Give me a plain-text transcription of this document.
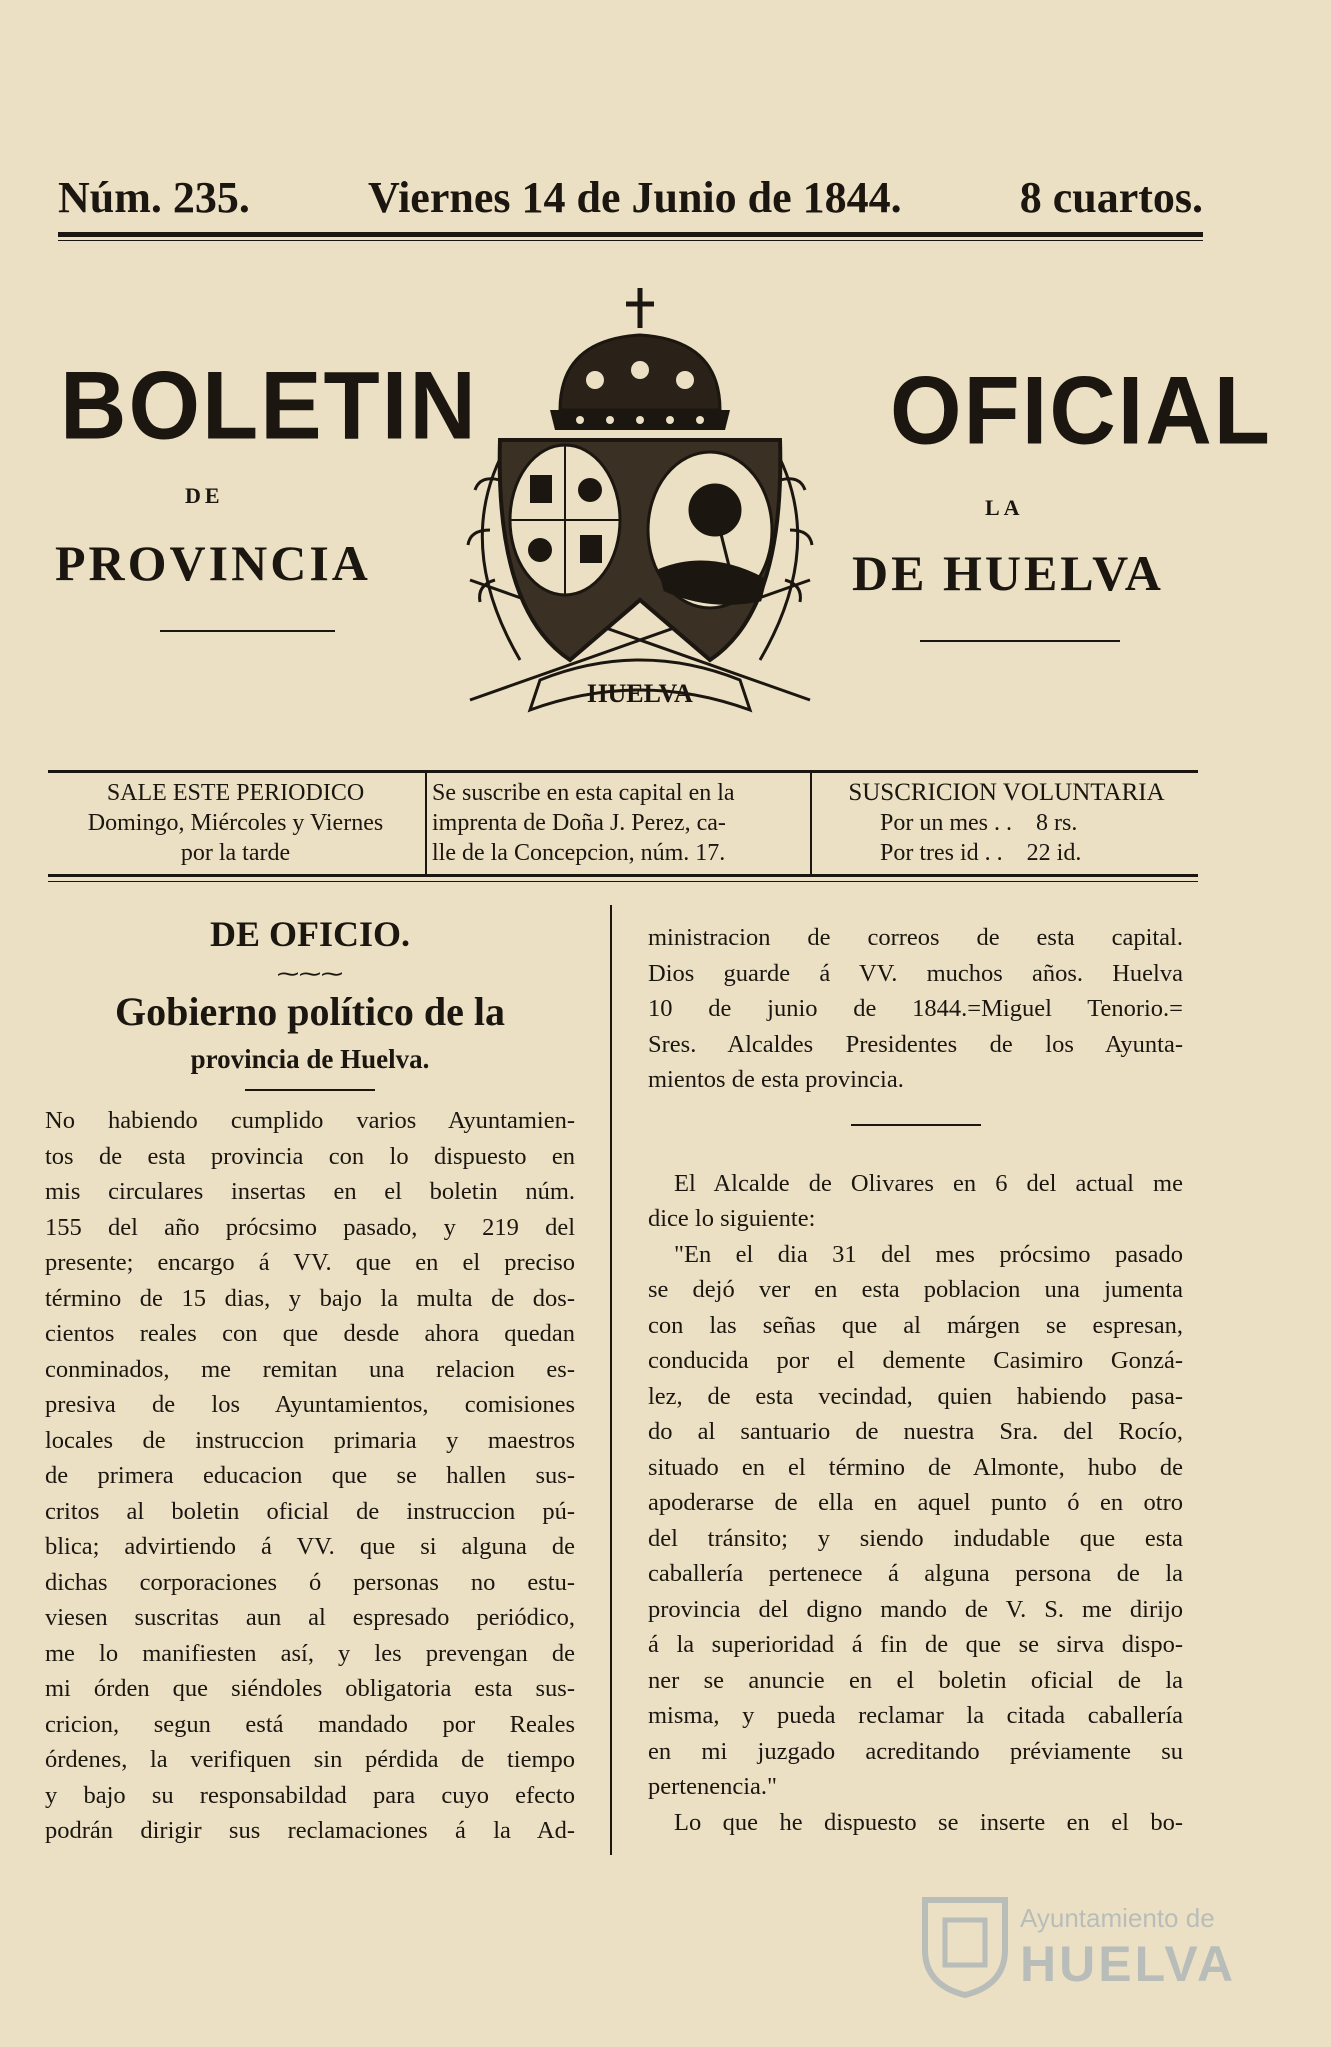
Núm. 235.	Viernes 14 de Junio de 1844.	8 cuartos.
BOLETIN	OFICIAL
DE	LA
PROVINCIA	DE HUELVA
HUELVA
SALE ESTE PERIODICO
Domingo, Miércoles y Viernes
por la tarde
Se suscribe en esta capital en la
imprenta de Doña J. Perez, ca-
lle de la Concepcion, núm. 17.
SUSCRICION VOLUNTARIA
Por un mes . . 8 rs.
Por tres id . . 22 id.
DE OFICIO.
⁓⁓⁓
Gobierno político de la
provincia de Huelva.
No habiendo cumplido varios Ayuntamien-
tos de esta provincia con lo dispuesto en
mis circulares insertas en el boletin núm.
155 del año prócsimo pasado, y 219 del
presente; encargo á VV. que en el preciso
término de 15 dias, y bajo la multa de dos-
cientos reales con que desde ahora quedan
conminados, me remitan una relacion es-
presiva de los Ayuntamientos, comisiones
locales de instruccion primaria y maestros
de primera educacion que se hallen sus-
critos al boletin oficial de instruccion pú-
blica; advirtiendo á VV. que si alguna de
dichas corporaciones ó personas no estu-
viesen suscritas aun al espresado periódico,
me lo manifiesten así, y les prevengan de
mi órden que siéndoles obligatoria esta sus-
cricion, segun está mandado por Reales
órdenes, la verifiquen sin pérdida de tiempo
y bajo su responsabildad para cuyo efecto
podrán dirigir sus reclamaciones á la Ad-
ministracion de correos de esta capital.
Dios guarde á VV. muchos años. Huelva
10 de junio de 1844.=Miguel Tenorio.=
Sres. Alcaldes Presidentes de los Ayunta-
mientos de esta provincia.
El Alcalde de Olivares en 6 del actual me
dice lo siguiente:
"En el dia 31 del mes prócsimo pasado
se dejó ver en esta poblacion una jumenta
con las señas que al márgen se espresan,
conducida por el demente Casimiro Gonzá-
lez, de esta vecindad, quien habiendo pasa-
do al santuario de nuestra Sra. del Rocío,
situado en el término de Almonte, hubo de
apoderarse de ella en aquel punto ó en otro
del tránsito; y siendo indudable que esta
caballería pertenece á alguna persona de la
provincia del digno mando de V. S. me dirijo
á la superioridad á fin de que se sirva dispo-
ner se anuncie en el boletin oficial de la
misma, y pueda reclamar la citada caballería
en mi juzgado acreditando préviamente su
pertenencia."
Lo que he dispuesto se inserte en el bo-
Ayuntamiento de
HUELVA
